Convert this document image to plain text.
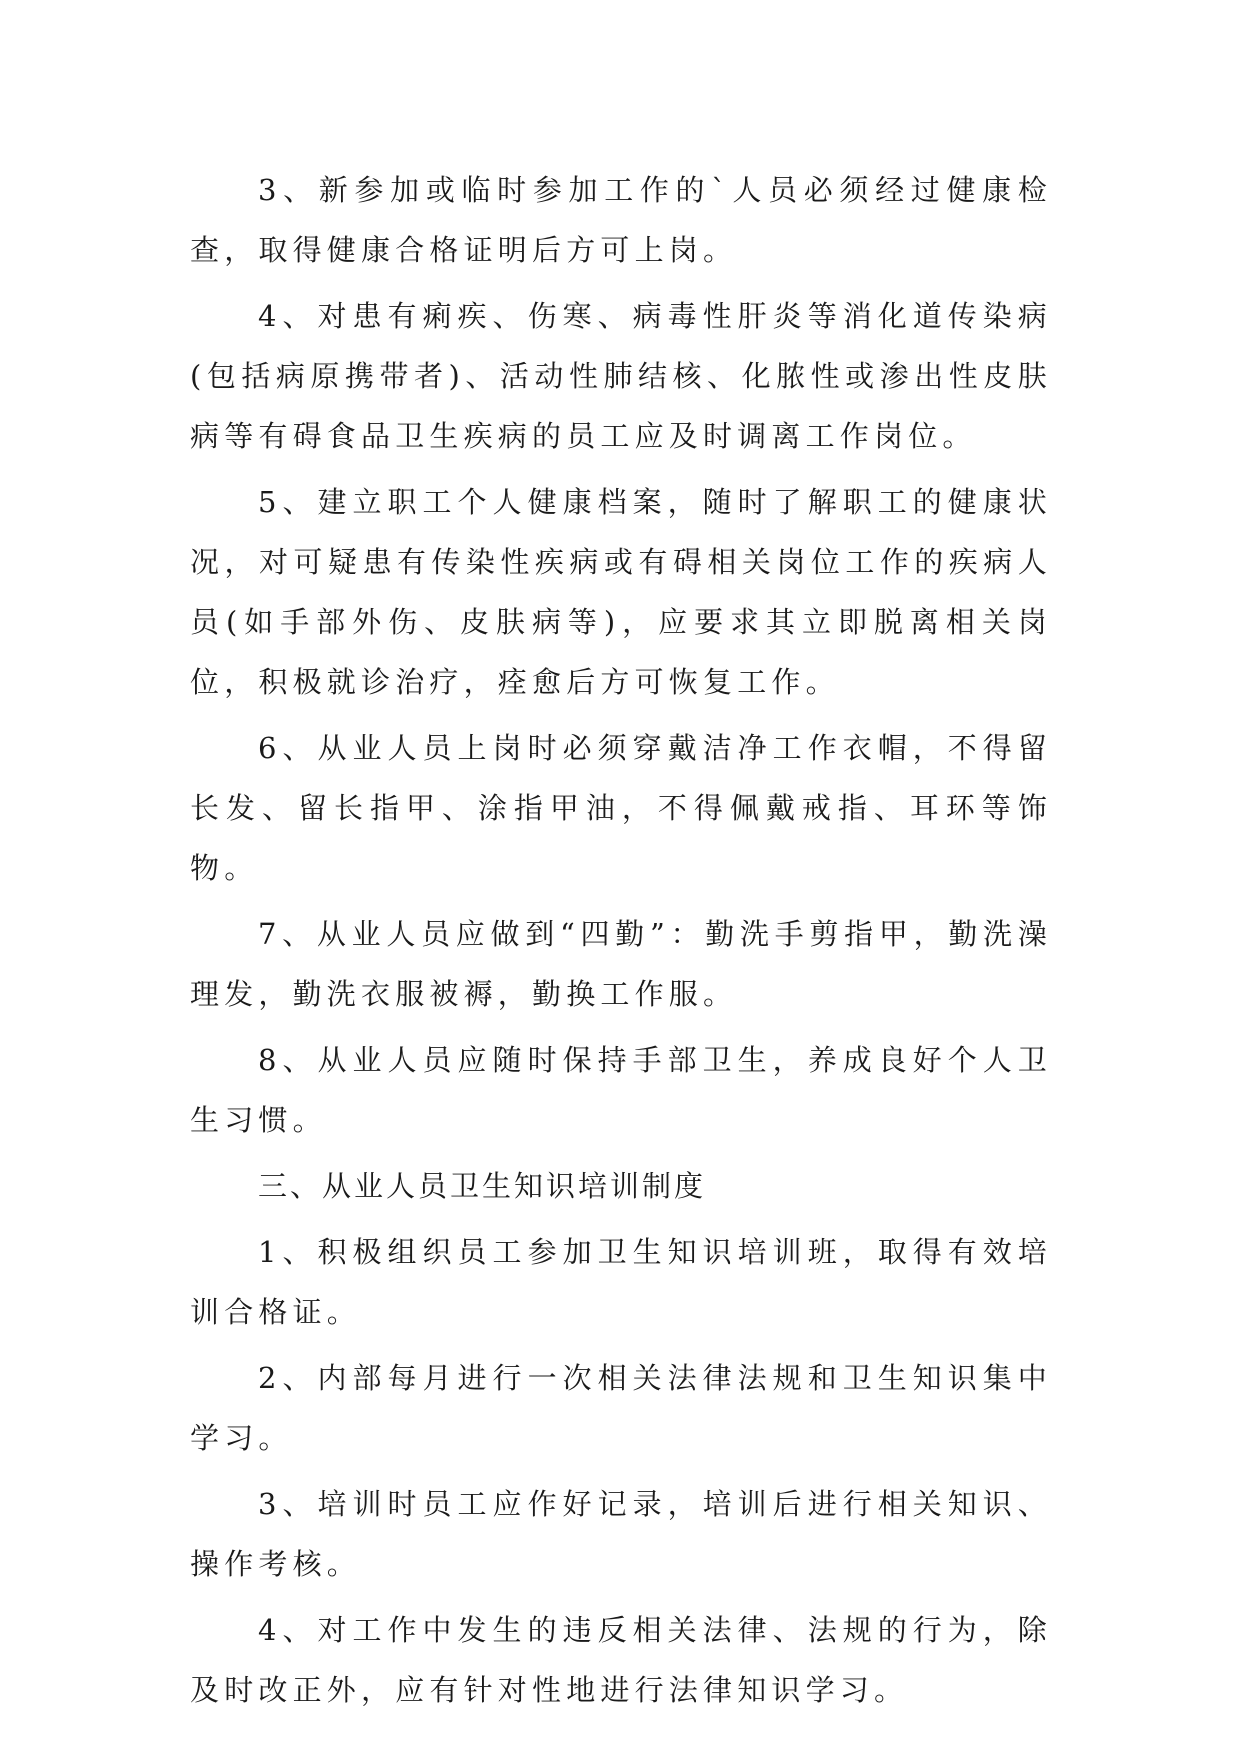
3、新参加或临时参加工作的`人员必须经过健康检查，取得健康合格证明后方可上岗。

4、对患有痢疾、伤寒、病毒性肝炎等消化道传染病(包括病原携带者)、活动性肺结核、化脓性或渗出性皮肤病等有碍食品卫生疾病的员工应及时调离工作岗位。

5、建立职工个人健康档案，随时了解职工的健康状况，对可疑患有传染性疾病或有碍相关岗位工作的疾病人员(如手部外伤、皮肤病等)，应要求其立即脱离相关岗位，积极就诊治疗，痊愈后方可恢复工作。

6、从业人员上岗时必须穿戴洁净工作衣帽，不得留长发、留长指甲、涂指甲油，不得佩戴戒指、耳环等饰物。

7、从业人员应做到“四勤”：勤洗手剪指甲，勤洗澡理发，勤洗衣服被褥，勤换工作服。

8、从业人员应随时保持手部卫生，养成良好个人卫生习惯。

三、从业人员卫生知识培训制度

1、积极组织员工参加卫生知识培训班，取得有效培训合格证。

2、内部每月进行一次相关法律法规和卫生知识集中学习。

3、培训时员工应作好记录，培训后进行相关知识、操作考核。

4、对工作中发生的违反相关法律、法规的行为，除及时改正外，应有针对性地进行法律知识学习。
